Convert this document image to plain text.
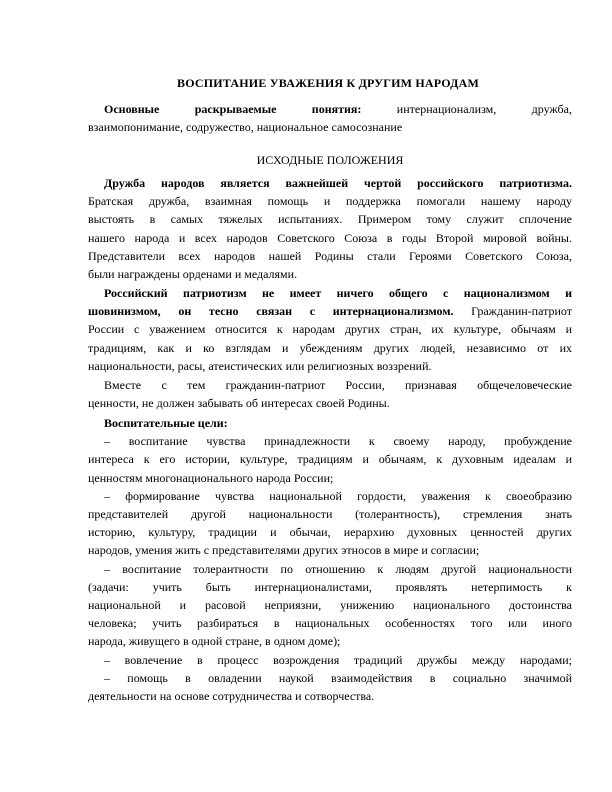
ВОСПИТАНИЕ УВАЖЕНИЯ К ДРУГИМ НАРОДАМ
Основные раскрываемые понятия: интернационализм, дружба,
взаимопонимание, содружество, национальное самосознание
ИСХОДНЫЕ ПОЛОЖЕНИЯ
Дружба народов является важнейшей чертой российского патриотизма.
Братская дружба, взаимная помощь и поддержка помогали нашему народу
выстоять в самых тяжелых испытаниях. Примером тому служит сплочение
нашего народа и всех народов Советского Союза в годы Второй мировой войны.
Представители всех народов нашей Родины стали Героями Советского Союза,
были награждены орденами и медалями.
Российский патриотизм не имеет ничего общего с национализмом и
шовинизмом, он тесно связан с интернационализмом. Гражданин-патриот
России с уважением относится к народам других стран, их культуре, обычаям и
традициям, как и ко взглядам и убеждениям других людей, независимо от их
национальности, расы, атеистических или религиозных воззрений.
Вместе с тем гражданин-патриот России, признавая общечеловеческие
ценности, не должен забывать об интересах своей Родины.
Воспитательные цели:
– воспитание чувства принадлежности к своему народу, пробуждение
интереса к его истории, культуре, традициям и обычаям, к духовным идеалам и
ценностям многонационального народа России;
– формирование чувства национальной гордости, уважения к своеобразию
представителей другой национальности (толерантность), стремления знать
историю, культуру, традиции и обычаи, иерархию духовных ценностей других
народов, умения жить с представителями других этносов в мире и согласии;
– воспитание толерантности по отношению к людям другой национальности
(задачи: учить быть интернационалистами, проявлять нетерпимость к
национальной и расовой неприязни, унижению национального достоинства
человека; учить разбираться в национальных особенностях того или иного
народа, живущего в одной стране, в одном доме);
– вовлечение в процесс возрождения традиций дружбы между народами;
– помощь в овладении наукой взаимодействия в социально значимой
деятельности на основе сотрудничества и сотворчества.
